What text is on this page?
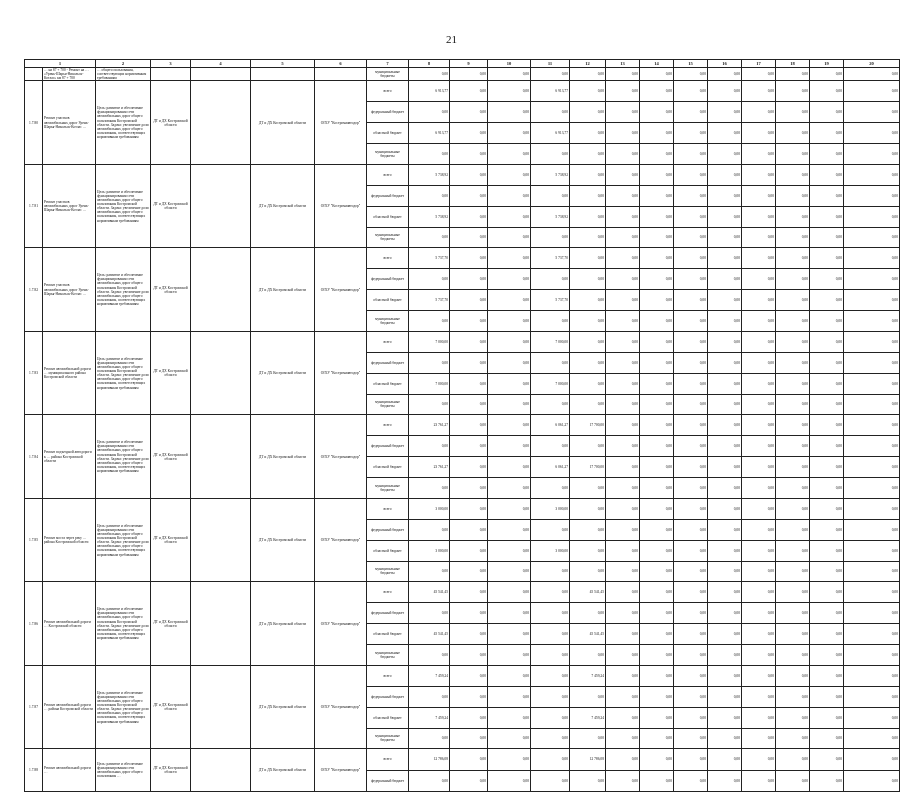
21
1		2	3	4	5	6	7	8	9	10	11	12	13	14	15	16	17	18	19	20	
	… на 87 + 700 - Ремонт на … «Урень-Шарья-Никольск-Котлас» км 87 + 700	… общего пользования, соответствующих нормативным требованиям					муниципальные бюджеты	0,00	0,00	0,00	0,00	0,00	0,00	0,00	0,00	0,00	0,00	0,00	0,00	0,00	
1.7.80	Ремонт участков автомобильных дорог Урень-Шарья-Никольск-Котлас …	Цель: развитие и обеспечение функционирования сети автомобильных дорог общего пользования Костромской области. Задача: увеличение доли автомобильных дорог общего пользования, соответствующих нормативным требованиям	ДТ и ДХ Костромской области		ДТ и ДХ Костромской области	ОГБУ "Костромаавтодор"	всего	6 913,77	0,00	0,00	6 913,77	0,00	0,00	0,00	0,00	0,00	0,00	0,00	0,00	0,00	
							федеральный бюджет	0,00	0,00	0,00	0,00	0,00	0,00	0,00	0,00	0,00	0,00	0,00	0,00	0,00	
							областной бюджет	6 913,77	0,00	0,00	6 913,77	0,00	0,00	0,00	0,00	0,00	0,00	0,00	0,00	0,00	
							муниципальные бюджеты	0,00	0,00	0,00	0,00	0,00	0,00	0,00	0,00	0,00	0,00	0,00	0,00	0,00	
1.7.81	Ремонт участков автомобильных дорог Урень-Шарья-Никольск-Котлас …	Цель: развитие и обеспечение функционирования сети автомобильных дорог общего пользования Костромской области. Задача: увеличение доли автомобильных дорог общего пользования, соответствующих нормативным требованиям	ДТ и ДХ Костромской области		ДТ и ДХ Костромской области	ОГБУ "Костромаавтодор"	всего	5 738,92	0,00	0,00	5 738,92	0,00	0,00	0,00	0,00	0,00	0,00	0,00	0,00	0,00	
							федеральный бюджет	0,00	0,00	0,00	0,00	0,00	0,00	0,00	0,00	0,00	0,00	0,00	0,00	0,00	
							областной бюджет	5 738,92	0,00	0,00	5 738,92	0,00	0,00	0,00	0,00	0,00	0,00	0,00	0,00	0,00	
							муниципальные бюджеты	0,00	0,00	0,00	0,00	0,00	0,00	0,00	0,00	0,00	0,00	0,00	0,00	0,00	
1.7.82	Ремонт участков автомобильных дорог Урень-Шарья-Никольск-Котлас …	Цель: развитие и обеспечение функционирования сети автомобильных дорог общего пользования Костромской области. Задача: увеличение доли автомобильных дорог общего пользования, соответствующих нормативным требованиям	ДТ и ДХ Костромской области		ДТ и ДХ Костромской области	ОГБУ "Костромаавтодор"	всего	5 737,70	0,00	0,00	5 737,70	0,00	0,00	0,00	0,00	0,00	0,00	0,00	0,00	0,00	
							федеральный бюджет	0,00	0,00	0,00	0,00	0,00	0,00	0,00	0,00	0,00	0,00	0,00	0,00	0,00	
							областной бюджет	5 737,70	0,00	0,00	5 737,70	0,00	0,00	0,00	0,00	0,00	0,00	0,00	0,00	0,00	
							муниципальные бюджеты	0,00	0,00	0,00	0,00	0,00	0,00	0,00	0,00	0,00	0,00	0,00	0,00	0,00	
1.7.83	Ремонт автомобильной дороги … муниципального района Костромской области	Цель: развитие и обеспечение функционирования сети автомобильных дорог общего пользования Костромской области. Задача: увеличение доли автомобильных дорог общего пользования, соответствующих нормативным требованиям	ДТ и ДХ Костромской области		ДТ и ДХ Костромской области	ОГБУ "Костромаавтодор"	всего	7 000,00	0,00	0,00	7 000,00	0,00	0,00	0,00	0,00	0,00	0,00	0,00	0,00	0,00	
							федеральный бюджет	0,00	0,00	0,00	0,00	0,00	0,00	0,00	0,00	0,00	0,00	0,00	0,00	0,00	
							областной бюджет	7 000,00	0,00	0,00	7 000,00	0,00	0,00	0,00	0,00	0,00	0,00	0,00	0,00	0,00	
							муниципальные бюджеты	0,00	0,00	0,00	0,00	0,00	0,00	0,00	0,00	0,00	0,00	0,00	0,00	0,00	
1.7.84	Ремонт подъездной автодороги к … района Костромской области	Цель: развитие и обеспечение функционирования сети автомобильных дорог общего пользования Костромской области. Задача: увеличение доли автомобильных дорог общего пользования, соответствующих нормативным требованиям	ДТ и ДХ Костромской области		ДТ и ДХ Костромской области	ОГБУ "Костромаавтодор"	всего	23 761,27	0,00	0,00	6 061,27	17 700,00	0,00	0,00	0,00	0,00	0,00	0,00	0,00	0,00	
							федеральный бюджет	0,00	0,00	0,00	0,00	0,00	0,00	0,00	0,00	0,00	0,00	0,00	0,00	0,00	
							областной бюджет	23 761,27	0,00	0,00	6 061,27	17 700,00	0,00	0,00	0,00	0,00	0,00	0,00	0,00	0,00	
							муниципальные бюджеты	0,00	0,00	0,00	0,00	0,00	0,00	0,00	0,00	0,00	0,00	0,00	0,00	0,00	
1.7.85	Ремонт моста через реку … района Костромской области	Цель: развитие и обеспечение функционирования сети автомобильных дорог общего пользования Костромской области. Задача: увеличение доли автомобильных дорог общего пользования, соответствующих нормативным требованиям	ДТ и ДХ Костромской области		ДТ и ДХ Костромской области	ОГБУ "Костромаавтодор"	всего	3 000,00	0,00	0,00	3 000,00	0,00	0,00	0,00	0,00	0,00	0,00	0,00	0,00	0,00	
							федеральный бюджет	0,00	0,00	0,00	0,00	0,00	0,00	0,00	0,00	0,00	0,00	0,00	0,00	0,00	
							областной бюджет	3 000,00	0,00	0,00	3 000,00	0,00	0,00	0,00	0,00	0,00	0,00	0,00	0,00	0,00	
							муниципальные бюджеты	0,00	0,00	0,00	0,00	0,00	0,00	0,00	0,00	0,00	0,00	0,00	0,00	0,00	
1.7.86	Ремонт автомобильной дороги … Костромской области	Цель: развитие и обеспечение функционирования сети автомобильных дорог общего пользования Костромской области. Задача: увеличение доли автомобильных дорог общего пользования, соответствующих нормативным требованиям	ДТ и ДХ Костромской области		ДТ и ДХ Костромской области	ОГБУ "Костромаавтодор"	всего	45 541,45	0,00	0,00	0,00	45 541,45	0,00	0,00	0,00	0,00	0,00	0,00	0,00	0,00	
							федеральный бюджет	0,00	0,00	0,00	0,00	0,00	0,00	0,00	0,00	0,00	0,00	0,00	0,00	0,00	
							областной бюджет	45 541,45	0,00	0,00	0,00	45 541,45	0,00	0,00	0,00	0,00	0,00	0,00	0,00	0,00	
							муниципальные бюджеты	0,00	0,00	0,00	0,00	0,00	0,00	0,00	0,00	0,00	0,00	0,00	0,00	0,00	
1.7.87	Ремонт автомобильной дороги … района Костромской области	Цель: развитие и обеспечение функционирования сети автомобильных дорог общего пользования Костромской области. Задача: увеличение доли автомобильных дорог общего пользования, соответствующих нормативным требованиям	ДТ и ДХ Костромской области		ДТ и ДХ Костромской области	ОГБУ "Костромаавтодор"	всего	7 459,24	0,00	0,00	0,00	7 459,24	0,00	0,00	0,00	0,00	0,00	0,00	0,00	0,00	
							федеральный бюджет	0,00	0,00	0,00	0,00	0,00	0,00	0,00	0,00	0,00	0,00	0,00	0,00	0,00	
							областной бюджет	7 459,24	0,00	0,00	0,00	7 459,24	0,00	0,00	0,00	0,00	0,00	0,00	0,00	0,00	
							муниципальные бюджеты	0,00	0,00	0,00	0,00	0,00	0,00	0,00	0,00	0,00	0,00	0,00	0,00	0,00	
1.7.88	Ремонт автомобильной дороги …	Цель: развитие и обеспечение функционирования сети автомобильных дорог общего пользования …	ДТ и ДХ Костромской области		ДТ и ДХ Костромской области	ОГБУ "Костромаавтодор"	всего	12 786,08	0,00	0,00	0,00	12 786,08	0,00	0,00	0,00	0,00	0,00	0,00	0,00	0,00	
							федеральный бюджет	0,00	0,00	0,00	0,00	0,00	0,00	0,00	0,00	0,00	0,00	0,00	0,00	0,00	
